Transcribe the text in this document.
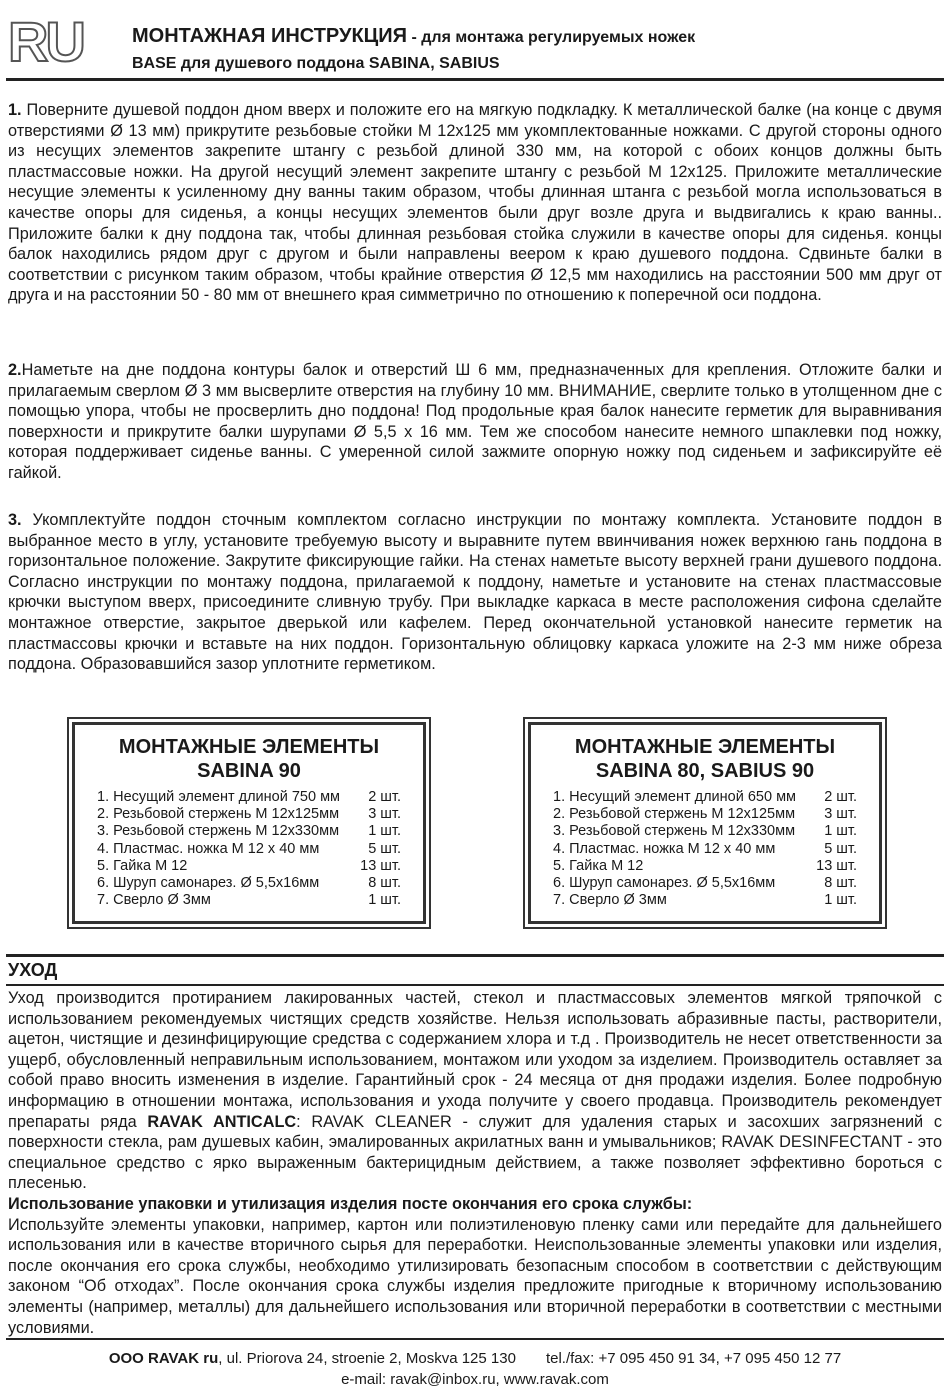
RU МОНТАЖНАЯ ИНСТРУКЦИЯ - для монтажа регулируемых ножек
BASE для душевого поддона SABINA, SABIUS
1. Поверните душевой поддон дном вверх и положите его на мягкую подкладку. К металлической балке (на конце с двумя отверстиями Ø 13 мм) прикрутите резьбовые стойки М 12x125 мм укомплектованные ножками. С другой стороны одного из несущих элементов закрепите штангу с резьбой длиной 330 мм, на которой с обоих концов должны быть пластмассовые ножки. На другой несущий элемент закрепите штангу с резьбой М 12x125. Приложите металлические несущие элементы к усиленному дну ванны таким образом, чтобы длинная штанга с резьбой могла использоваться в качестве опоры для сиденья, а концы несущих элементов были друг возле друга и выдвигались к краю ванны.. Приложите балки к дну поддона так, чтобы длинная резьбовая стойка служили в качестве опоры для сиденья. концы балок находились рядом друг с другом и были направлены веером к краю душевого поддона. Сдвиньте балки в соответствии с рисунком таким образом, чтобы крайние отверстия Ø 12,5 мм находились на расстоянии 500 мм друг от друга и на расстоянии 50 - 80 мм от внешнего края симметрично по отношению к поперечной оси поддона.
2.Наметьте на дне поддона контуры балок и отверстий Ш 6 мм, предназначенных для крепления. Отложите балки и прилагаемым сверлом Ø 3 мм высверлите отверстия на глубину 10 мм. ВНИМАНИЕ, сверлите только в утолщенном дне с помощью упора, чтобы не просверлить дно поддона! Под продольные края балок нанесите герметик для выравнивания поверхности и прикрутите балки шурупами Ø 5,5 x 16 мм. Тем же способом нанесите немного шпаклевки под ножку, которая поддерживает сиденье ванны. С умеренной силой зажмите опорную ножку под сиденьем и зафиксируйте её гайкой.
3. Укомплектуйте поддон сточным комплектом согласно инструкции по монтажу комплекта. Установите поддон в выбранное место в углу, установите требуемую высоту и выравните путем ввинчивания ножек верхнюю гань поддона в горизонтальное положение. Закрутите фиксирующие гайки. На стенах наметьте высоту верхней грани душевого поддона. Согласно инструкции по монтажу поддона, прилагаемой к поддону, наметьте и установите на стенах пластмассовые крючки выступом вверх, присоедините сливную трубу. При выкладке каркаса в месте расположения сифона сделайте монтажное отверстие, закрытое дверькой или кафелем. Перед окончательной установкой нанесите герметик на пластмассовы крючки и вставьте на них поддон. Горизонтальную облицовку каркаса уложите на 2-3 мм ниже обреза поддона. Образовавшийся зазор уплотните герметиком.
МОНТАЖНЫЕ ЭЛЕМЕНТЫ
SABINA 90
1. Несущий элемент длиной 750 мм 2 шт.
2. Резьбовой стержень М 12x125мм 3 шт.
3. Резьбовой стержень М 12x330мм 1 шт.
4. Пластмас. ножка М 12 x 40 мм	5 шт.
5. Гайка М 12	13 шт.
6. Шуруп самонарез. Ø 5,5x16мм	8 шт.
7. Сверло Ø 3мм	1 шт.
МОНТАЖНЫЕ ЭЛЕМЕНТЫ
SABINA 80, SABIUS 90
1. Несущий элемент длиной 650 мм 2 шт.
2. Резьбовой стержень М 12x125мм 3 шт.
3. Резьбовой стержень М 12x330мм 1 шт.
4. Пластмас. ножка М 12 x 40 мм	5 шт.
5. Гайка М 12	13 шт.
6. Шуруп самонарез. Ø 5,5x16мм	8 шт.
7. Сверло Ø 3мм	1 шт.
УХОД
Уход производится протиранием лакированных частей, стекол и пластмассовых элементов мягкой тряпочкой с использованием рекомендуемых чистящих средств хозяйстве. Нельзя использовать абразивные пасты, растворители, ацетон, чистящие и дезинфицирующие средства с содержанием хлора и т.д . Производитель не несет ответственности за ущерб, обусловленный неправильным использованием, монтажом или уходом за изделием. Производитель оставляет за собой право вносить изменения в изделие. Гарантийный срок - 24 месяца от дня продажи изделия. Более подробную информацию в отношении монтажа, использования и ухода получите у своего продавца. Производитель рекомендует препараты ряда RAVAK ANTICALC: RAVAK CLEANER - служит для удаления старых и засохших загрязнений с поверхности стекла, рам душевых кабин, эмалированных акрилатных ванн и умывальников; RAVAK DESINFECTANT - это специальное средство с ярко выраженным бактерицидным действием, а также позволяет эффективно бороться с плесенью.
Использование упаковки и утилизация изделия посте окончания его срока службы:
Используйте элементы упаковки, например, картон или полиэтиленовую пленку сами или передайте для дальнейшего использования или в качестве вторичного сырья для переработки. Неиспользованные элементы упаковки или изделия, после окончания его срока службы, необходимо утилизировать безопасным способом в соответствии с действующим законом “Об отходах”. После окончания срока службы изделия предложите пригодные к вторичному использованию элементы (например, металлы) для дальнейшего использования или вторичной переработки в соответствии с местными условиями.
OOO RAVAK ru, ul. Priorova 24, stroenie 2, Moskva 125 130 tel./fax: +7 095 450 91 34, +7 095 450 12 77
e-mail: ravak@inbox.ru, www.ravak.com
